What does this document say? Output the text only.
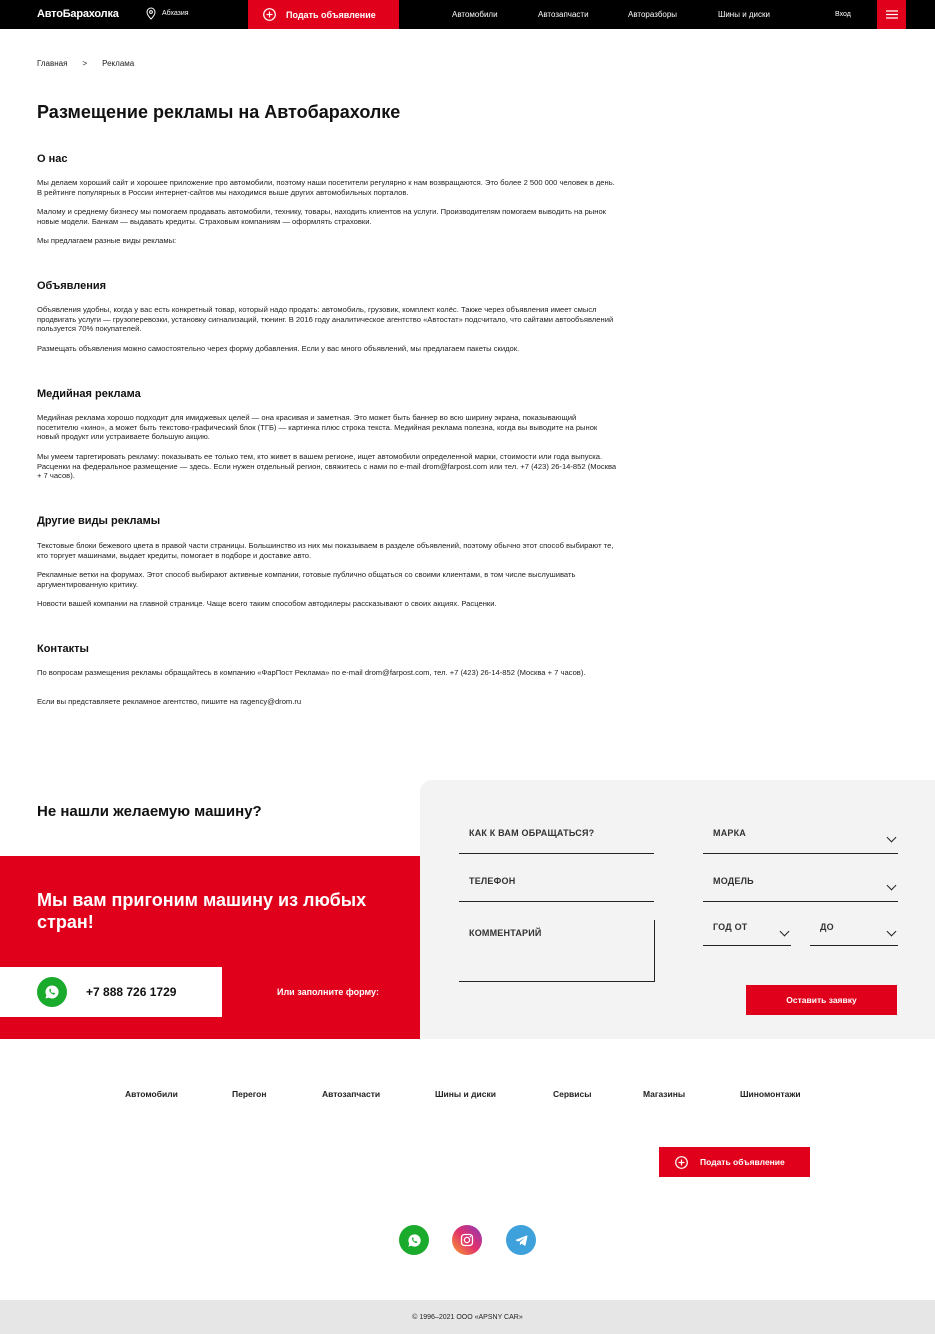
АвтоБарахолка	Абхазия	Подать объявление	Автомобили	Автозапчасти	Авторазборы	Шины и диски	Вход
Главная > Реклама
Размещение рекламы на Автобарахолке
О нас

Мы делаем хороший сайт и хорошее приложение про автомобили, поэтому наши посетители регулярно к нам возвращаются. Это более 2 500 000 человек в день. В рейтинге популярных в России интернет-сайтов мы находимся выше других автомобильных порталов.

Малому и среднему бизнесу мы помогаем продавать автомобили, технику, товары, находить клиентов на услуги. Производителям помогаем выводить на рынок новые модели. Банкам — выдавать кредиты. Страховым компаниям — оформлять страховки.

Мы предлагаем разные виды рекламы:

Объявления

Объявления удобны, когда у вас есть конкретный товар, который надо продать: автомобиль, грузовик, комплект колёс. Также через объявления имеет смысл продвигать услуги — грузоперевозки, установку сигнализаций, тюнинг. В 2016 году аналитическое агентство «Автостат» подсчитало, что сайтами автообъявлений пользуется 70% покупателей.

Размещать объявления можно самостоятельно через форму добавления. Если у вас много объявлений, мы предлагаем пакеты скидок.

Медийная реклама

Медийная реклама хорошо подходит для имиджевых целей — она красивая и заметная. Это может быть баннер во всю ширину экрана, показывающий посетителю «кино», а может быть текстово-графический блок (ТГБ) — картинка плюс строка текста. Медийная реклама полезна, когда вы выводите на рынок новый продукт или устраиваете большую акцию.

Мы умеем таргетировать рекламу: показывать ее только тем, кто живет в вашем регионе, ищет автомобили определенной марки, стоимости или года выпуска. Расценки на федеральное размещение — здесь. Если нужен отдельный регион, свяжитесь с нами по e-mail drom@farpost.com или тел. +7 (423) 26-14-852 (Москва + 7 часов).

Другие виды рекламы

Текстовые блоки бежевого цвета в правой части страницы. Большинство из них мы показываем в разделе объявлений, поэтому обычно этот способ выбирают те, кто торгует машинами, выдает кредиты, помогает в подборе и доставке авто.

Рекламные ветки на форумах. Этот способ выбирают активные компании, готовые публично общаться со своими клиентами, в том числе выслушивать аргументированную критику.

Новости вашей компании на главной странице. Чаще всего таким способом автодилеры рассказывают о своих акциях. Расценки.

Контакты

По вопросам размещения рекламы обращайтесь в компанию «ФарПост Реклама» по e-mail drom@farpost.com, тел. +7 (423) 26-14-852 (Москва + 7 часов).

Если вы представляете рекламное агентство, пишите на ragency@drom.ru

Не нашли желаемую машину?
Мы вам пригоним машину из любых стран!
+7 888 726 1729	Или заполните форму:
КАК К ВАМ ОБРАЩАТЬСЯ?	МАРКА
ТЕЛЕФОН	МОДЕЛЬ
КОММЕНТАРИЙ
ГОД ОТ	ДО
Оставить заявку
Автомобили	Перегон	Автозапчасти	Шины и диски	Сервисы	Магазины	Шиномонтажи
Подать объявление
© 1996–2021 ООО «APSNY CAR»
